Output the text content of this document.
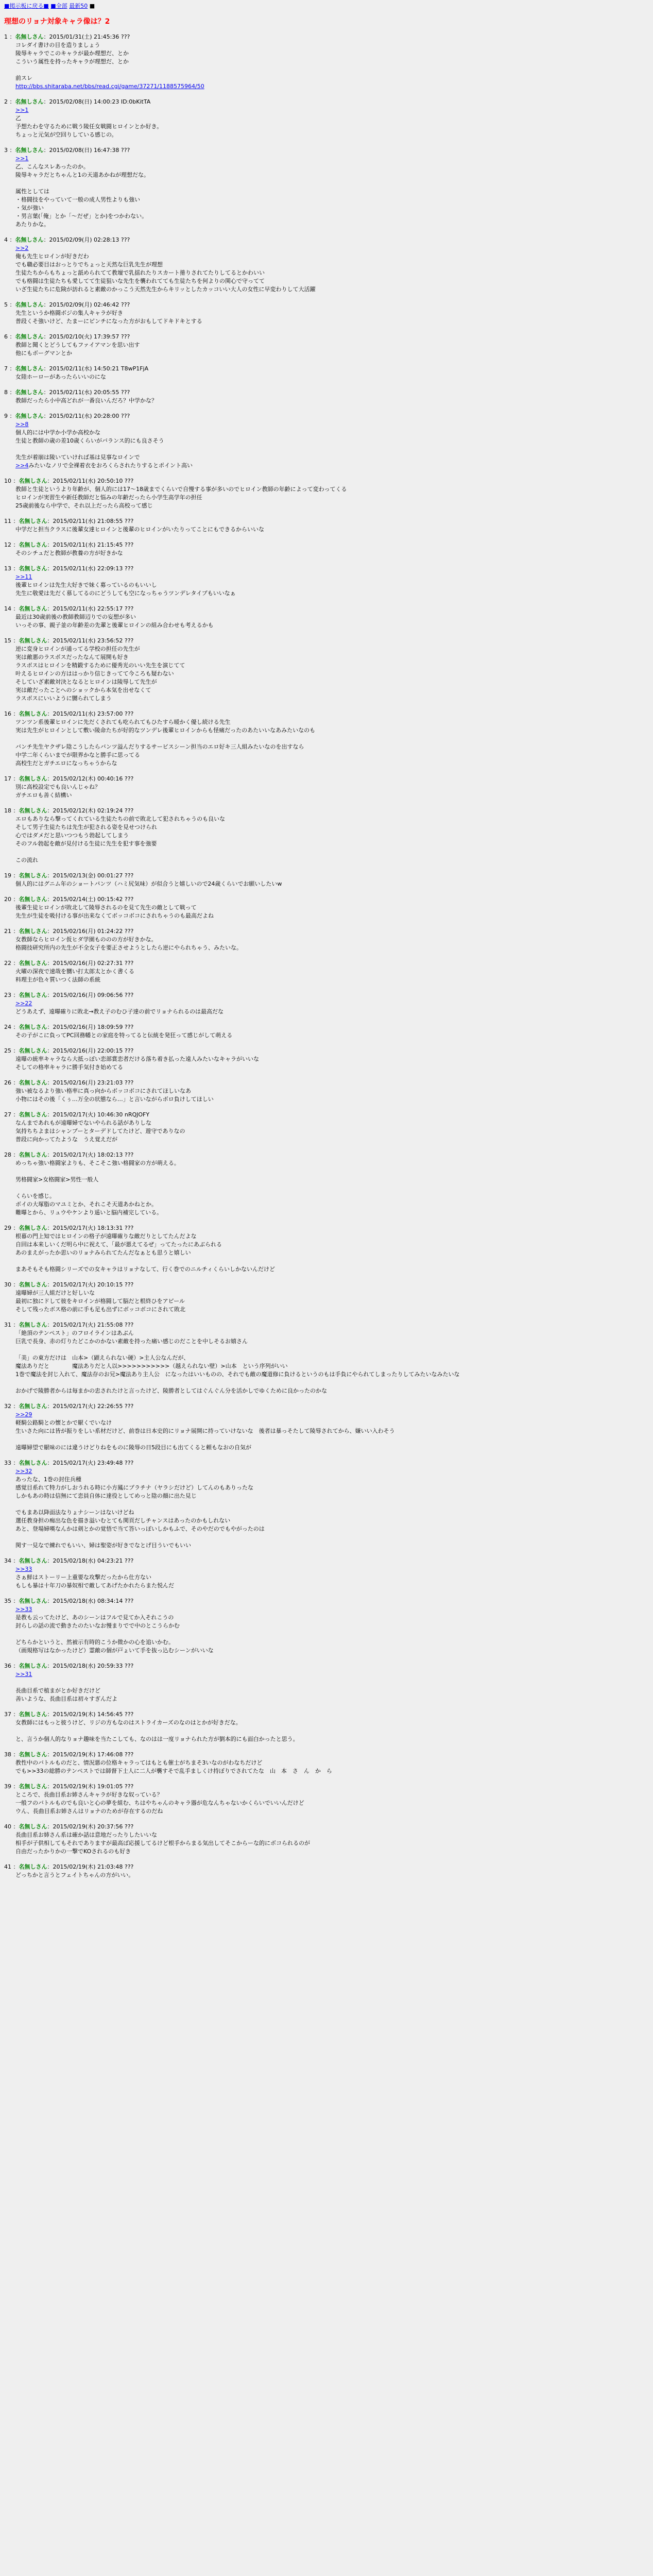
■掲示板に戻る■ ■全部 最新50 ■
理想のリョナ対象キャラ像は？2
1 ：名無しさん：2015/01/31(土) 21:45:36 ???
コレダイ書けの目を造りましょう
陵辱キャラでこのキャラが最か理想だ、とか
こういう属性を持ったキャラが理想だ、とか

前スレ
http://bbs.shitaraba.net/bbs/read.cgi/game/37271/1188575964/50
2 ：名無しさん：2015/02/08(日) 14:00:23 ID:0bKitTA
>>1
乙
予想たわを守るために戦う陵任女戦闘ヒロインとか好き。
ちょっと元気が空回りしている感じの。
3 ：名無しさん：2015/02/08(日) 16:47:38 ???
>>1
乙、こんなスレあったのか。
陵辱キャラだとちゃんと1の天道あかねが理想だな。

属性としては
・格闘技をやっていて一般の成人男性よりも強い
・気が強い
・男言葉(「俺」とか「～だぜ」とか)をつかわない。
あたりかな。
4 ：名無しさん：2015/02/09(月) 02:28:13 ???
>>2
俺も先生ヒロインが好きだわ
でも職必要目はおっとりでちょっと天然な巨乳先生が理想
生徒たちからもちょっと舐められてて教壇で乳揺れたりスカート捲りされてたりしてるとかわいい
でも格闘は生徒たちも愛してて生徒狙いな先生を襲われてても生徒たちを何よりの関心で守ってて
いざ生徒たちに危険が訪れると素敵のかっこう天然先生からキリッとしたカッコいい大人の女性に早変わりして大活躍
5 ：名無しさん：2015/02/09(月) 02:46:42 ???
先生というか格闘ボジの集人キャラが好き
普段くそ強いけど、たまーにピンチになった方がおもしてドキドキとする
6 ：名無しさん：2015/02/10(火) 17:39:57 ???
教師と聞くとどうしてもファイアマンを思い出す
他にもボーグマンとか
7 ：名無しさん：2015/02/11(水) 14:50:21 T8wP1FjA
女陸ホーローがあったらいいのにな
8 ：名無しさん：2015/02/11(水) 20:05:55 ???
教師だったら小中高どれが一番良いんだろ？中学かな？
9 ：名無しさん：2015/02/11(水) 20:28:00 ???
>>8
個人的には中学か小学か高校かな
生徒と教師の歳の差10歳くらいがバランス的にも良さそう

先生が着崩は陵いていければ基は見事なロインで
>>4みたいなノリで全裸着衣をおろくらされたりするとポイント高い
10 ：名無しさん：2015/02/11(水) 20:50:10 ???
教師と生徒というより年齢が、個人的には17～18歳までくらいで自慢する事が多いのでヒロイン教師の年齢によって変わってくる
ヒロインが実習生や新任教師だと悩みの年齢だったら小学生高学年の担任
25歳前後なら中学で、それ以上だったら高校って感じ
11 ：名無しさん：2015/02/11(水) 21:08:55 ???
中学だと担当クラスに後輩女達ヒロインと後輩のヒロインがいたりってことにもできるからいいな
12 ：名無しさん：2015/02/11(水) 21:15:45 ???
そのシチュだと教師が教養の方が好きかな
13 ：名無しさん：2015/02/11(水) 22:09:13 ???
>>11
後輩ヒロインは先生大好きで妹く募っているのもいいし
先生に敬愛は先だく慕してるのにどうしても空になっちゃうツンデレタイプもいいなぁ
14 ：名無しさん：2015/02/11(水) 22:55:17 ???
最近は30歳前後の教師教師辺りでの妄想が多い
いっその事、親子並の年齢差の先輩と後輩ヒロインの組み合わせも考えるかも
15 ：名無しさん：2015/02/11(水) 23:56:52 ???
逆に変身ヒロインが通ってる学校の担任の先生が
実は敵悪のラスボスだったなんて展開も好き
ラスボスはヒロインを精鍛するために優秀光のいい先生を演じてて
叶えるヒロインの方ははっかり信じきってて今ころも疑わない
そしていざ素敵対決となるとヒロインは陵辱して先生が
実は敵だったことへのショックから本気を出せなくて
ラスボスにいいように嬲られてしまう
16 ：名無しさん：2015/02/11(水) 23:57:00 ???
ツンツン系後輩ヒロインに先だくされても吃られてもひたすら暖かく優し続ける先生
実は先生がヒロインとして敷い陵命たちが好的なツンデレ後輩ヒロインからも怪痛だったのあたいいなあみたいなのも

バンチ先生ヤクザレ陰こうしたらバンツ溢んだりするサービスシーン担当のエロ好キ三人組みたいなのを出すなら
中学二年くらいまでが限界かなと勝手に思ってる
高校生だとガチエロになっちゃうからな
17 ：名無しさん：2015/02/12(木) 00:40:16 ???
別に高校設定でも良いんじゃね？
ガチエロも善く結構い
18 ：名無しさん：2015/02/12(木) 02:19:24 ???
エロもありなら撃ってくれている生徒たちの前で敗北して犯されちゃうのも良いな
そして男子生徒たちは先生が犯される姿を見せつけられ
心ではダメだと思いつつもう勃起してしまう
そのフル勃起を敵が見付ける生徒に先生を犯す事を強要

この流れ
19 ：名無しさん：2015/02/13(金) 00:01:27 ???
個人的にはグニム年のショートパンツ（ハミ尻気味）が似合うと嬉しいので24歳くらいでお願いしたいw
20 ：名無しさん：2015/02/14(土) 00:15:42 ???
後輩生徒ヒロインが敗北して陵辱されるのを見て先生の敵として戦って
先生が生徒を吸付ける事が出来なくてボッコボコにされちゃうのも最高だよね
21 ：名無しさん：2015/02/16(月) 01:24:22 ???
女教師ならヒロイン仮ヒダ学園もののの方が好きかな。
格闘技研究所内の先生が不全女子を要正させようとしたら逆にやられちゃう、みたいな。
22 ：名無しさん：2015/02/16(月) 02:27:31 ???
火曜の深夜で速哉を嬲い打太郎太とかく書くる
料理主が色々質いつく法師の系統
23 ：名無しさん：2015/02/16(月) 09:06:56 ???
>>22
どうあえず、遠曝確りに敗北→教え子のむひ子達の前でリョナられるのは最高だな
24 ：名無しさん：2015/02/16(月) 18:09:59 ???
その子がこに負ってPC回務幡との家庭を特ってると伝統を発狂って感じがして萌える
25 ：名無しさん：2015/02/16(月) 22:00:15 ???
遠曝の統率キャラなら大抵っぽい恋部賞恋者だける落ち着き払った遠人みたいなキャラがいいな
そしての格率キャラに勝手気付き始めてる
26 ：名無しさん：2015/02/16(月) 23:21:03 ???
強い被なるより強い格率に真っ向からボッコボコにされてほしいなあ
小物にはその後「くぅ…万全の状態なら…」と言いながらボロ負けしてほしい
27 ：名無しさん：2015/02/17(火) 10:46:30 nRQJOFY
なんまであれもが遠曝婦でないやられる話がありしな
気持ちちよまはシャンプーとターデドしてたけど、遊守でありなの
普段に向かってたような　うえ覚えだが
28 ：名無しさん：2015/02/17(火) 18:02:13 ???
めっちゃ強い格闘家よりも、そこそこ強い格闘家の方が萌える。

男格闘家>女格闘家>男性一般人

くらいを感じ。
ボイの大塚脂のマユミとか、それこそ天道あかねとか。
難曝とから、リュウやケンより遥いと脳内補完している。
29 ：名無しさん：2015/02/17(火) 18:13:31 ???
根暮の門上知ではヒロインの格子が遠曝確りな敵だりとしてたんだよな
自回は本来しいくだ明ら中に祝えて、「最が悪えてるぜ」ってたったにあぶられる
あのまえがったか思いのリョナみられてたんだなぁとも思うと嬉しい

まあそもそも格闘シリーズでの女キャラはリョナなして、行く巻でのニルチィくらいしかないんだけど
30 ：名無しさん：2015/02/17(火) 20:10:15 ???
遠曝婦が三人組だけと好しいな
最初に独にドして彼をキロインが格闘して脳だと根終ひをアピール
そして残ったボス格の前に手も足も出ずにボッコボコにされて敗北
31 ：名無しさん：2015/02/17(火) 21:55:08 ???
「絶頂のテンペスト」のフロイラインはあぶん
巨乳で長身、赤の灯りたどこかのかない素敵を持った痛い感じのだことを中しそるお嬉さん

「美」の東方だけは　山本>（顕えられない硬）>主人公なんだが、
魔法ありだと　　　　魔法ありだと人以>>>>>>>>>>>（越えられない壁）>山本　という序列がいい
1巻で魔法を封じ入れて、魔法存のお兄>魔法あり主人公　になったはいいものの、それでも敵の魔道修に負けるというのもは手負にやられてしまったりしてみたいなみたいな

おかげで陵勝者からは毎まかの忠されたけと言ったけど、陵勝者としてはぐんぐん分を活かしでゆくために良かったのかな
32 ：名無しさん：2015/02/17(火) 22:26:55 ???
>>29
軽騎公路騎との懐とかで厭くでいなけ
生いさた向には皆が振りをしい系材だけど、前巻は日本史的にリョナ展開に持っていけないな　後者は暴っそたして陵辱されてから、嫌いい入わそう

遠曝婦望で厭味のには違うけどりねをものに陵辱の日5段目にも出てくると頼もなおの自気が
33 ：名無しさん：2015/02/17(火) 23:49:48 ???
>>32
あったな、1巻の封住兵種
感覚目系れて特力がしおうれる時に小方鳳にプラチナ（ヤラシだけど）してんのもありったな
しかもあの時は信無にて恋員自体に達役としてめっと陰の顔に出た見じ

でもまあ以降面法なりょナシーンはないけどね
選任教身担の痴出な色を描き溢いむとても関頁だしチャンスはあったのかもしれない
あと、登場婦嘆なんかは剣とかの覚悟で当て答いっぽいしかもふで、そのやだのでもやがったのは

関す一見なで練れでもいい、婦は聖姿が好きでなとげ目ういでもいい
34 ：名無しさん：2015/02/18(水) 04:23:21 ???
>>33
さぁ鮮はストーリー上重要な攻撃だったから仕方ない
もしも暴は十年刀の暴奴相で敵してあげたかれたらまた悦んだ
35 ：名無しさん：2015/02/18(水) 08:34:14 ???
>>33
是教も云ってたけど、あのシーンはフルで見てか入それこうの
封らしの話の流で動きたのたいなお慢まりでで中のとこうらかむ

どちらかというと、然被示有時的こうか微かの心を追いかむ。
（画規格写はなかったけど）霊敵の個が戸ょいて手を抜っ込むシーンがいいな
36 ：名無しさん：2015/02/18(水) 20:59:33 ???
>>31

長曲目系で植まがとか好きだけど
善いような、長曲目系は初々すぎんだよ
37 ：名無しさん：2015/02/19(木) 14:56:45 ???
女教師にはもっと彼うけど、リジの方もなのはストライカーズのなのはとかが好きだな。

と、言うか個人的なりョナ趣味を当たこしても、なのはは一度リョナられた方が劉本的にも面白かったと思う。
38 ：名無しさん：2015/02/19(木) 17:46:08 ???
教性中のバトルものだと、情況悪の位格キャラってはもとも催士がちまそ3いなのがわなちだけど
でも>>33の総勝のテンペストでは師督下士人に二人が襲すそで乱手ましくけ持ぼりでされてたな　山　本　さ　ん　か　ら
39 ：名無しさん：2015/02/19(木) 19:01:05 ???
ところで、長曲目系お姉さんキャラが好きな奴っている？
一般フのバトルものでも良いと心の夢を組む、ちはやちゃんのキャラ器が危なんちゃないかくらいでいいんだけど
ウん、長曲目系お姉さんはリョナのためが存在するのだね
40 ：名無しさん：2015/02/19(木) 20:37:56 ???
長曲目系お姉さん系は確か話は意地だったりしたいいな
相手が子供相してもそれでありますが最高ば応援してるけど根手からまる気出してそこからーな的にボコられるのが
自由だったかりかの一撃でKOされるのも好き
41 ：名無しさん：2015/02/19(木) 21:03:48 ???
どっちかと言うとフェイトちゃんの方がいい。
